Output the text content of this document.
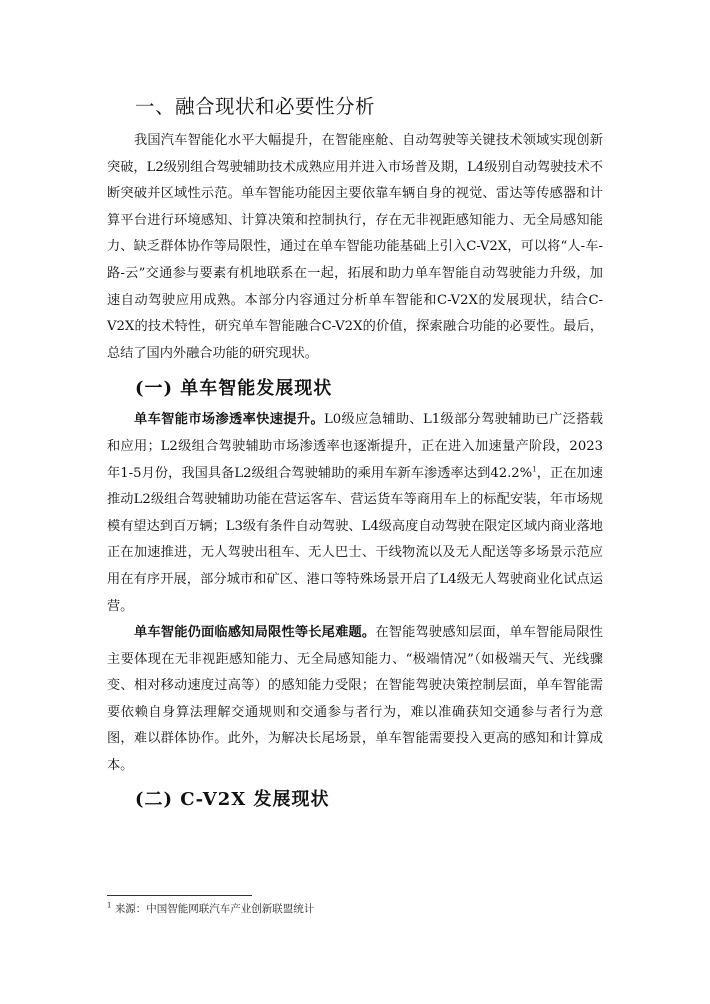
一、融合现状和必要性分析

我国汽车智能化水平大幅提升，在智能座舱、自动驾驶等关键技术领域实现创新突破，L2级别组合驾驶辅助技术成熟应用并进入市场普及期，L4级别自动驾驶技术不断突破并区域性示范。单车智能功能因主要依靠车辆自身的视觉、雷达等传感器和计算平台进行环境感知、计算决策和控制执行，存在无非视距感知能力、无全局感知能力、缺乏群体协作等局限性，通过在单车智能功能基础上引入C-V2X，可以将“人-车-路-云”交通参与要素有机地联系在一起，拓展和助力单车智能自动驾驶能力升级，加速自动驾驶应用成熟。本部分内容通过分析单车智能和C-V2X的发展现状，结合C-V2X的技术特性，研究单车智能融合C-V2X的价值，探索融合功能的必要性。最后，总结了国内外融合功能的研究现状。

(一) 单车智能发展现状

单车智能市场渗透率快速提升。L0级应急辅助、L1级部分驾驶辅助已广泛搭载和应用；L2级组合驾驶辅助市场渗透率也逐渐提升，正在进入加速量产阶段，2023年1-5月份，我国具备L2级组合驾驶辅助的乘用车新车渗透率达到42.2%$^1$，正在加速推动L2级组合驾驶辅助功能在营运客车、营运货车等商用车上的标配安装，年市场规模有望达到百万辆；L3级有条件自动驾驶、L4级高度自动驾驶在限定区域内商业落地正在加速推进，无人驾驶出租车、无人巴士、干线物流以及无人配送等多场景示范应用在有序开展，部分城市和矿区、港口等特殊场景开启了L4级无人驾驶商业化试点运营。

单车智能仍面临感知局限性等长尾难题。在智能驾驶感知层面，单车智能局限性主要体现在无非视距感知能力、无全局感知能力、“极端情况”（如极端天气、光线骤变、相对移动速度过高等）的感知能力受限；在智能驾驶决策控制层面，单车智能需要依赖自身算法理解交通规则和交通参与者行为，难以准确获知交通参与者行为意图，难以群体协作。此外，为解决长尾场景，单车智能需要投入更高的感知和计算成本。

(二) C-V2X 发展现状
$^1$ 来源：中国智能网联汽车产业创新联盟统计
